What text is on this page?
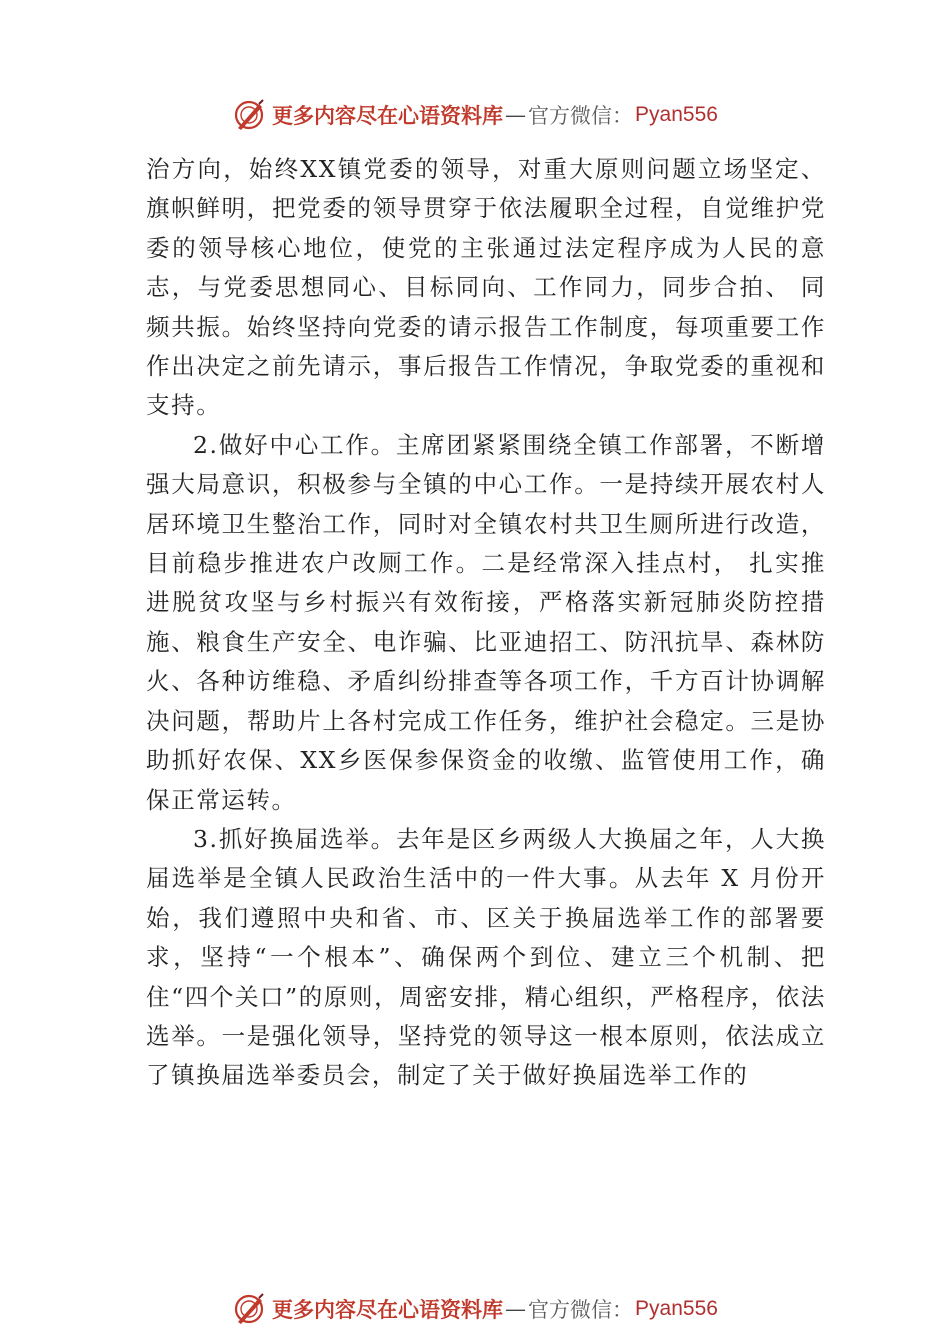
更多内容尽在心语资料库 — 官方微信： Pyan556

治方向，始终XX镇党委的领导，对重大原则问题立场坚定、旗帜鲜明，把党委的领导贯穿于依法履职全过程，自觉维护党委的领导核心地位，使党的主张通过法定程序成为人民的意志，与党委思想同心、目标同向、工作同力，同步合拍、 同频共振。始终坚持向党委的请示报告工作制度，每项重要工作作出决定之前先请示，事后报告工作情况，争取党委的重视和支持。

2.做好中心工作。主席团紧紧围绕全镇工作部署，不断增强大局意识，积极参与全镇的中心工作。一是持续开展农村人居环境卫生整治工作，同时对全镇农村共卫生厕所进行改造，目前稳步推进农户改厕工作。二是经常深入挂点村， 扎实推进脱贫攻坚与乡村振兴有效衔接，严格落实新冠肺炎防控措施、粮食生产安全、电诈骗、比亚迪招工、防汛抗旱、森林防火、各种访维稳、矛盾纠纷排查等各项工作，千方百计协调解决问题，帮助片上各村完成工作任务，维护社会稳定。三是协助抓好农保、XX乡医保参保资金的收缴、监管使用工作，确保正常运转。

3.抓好换届选举。去年是区乡两级人大换届之年，人大换届选举是全镇人民政治生活中的一件大事。从去年 X 月份开始，我们遵照中央和省、市、区关于换届选举工作的部署要求，坚持“一个根本”、确保两个到位、建立三个机制、把住“四个关口”的原则，周密安排，精心组织，严格程序，依法选举。一是强化领导，坚持党的领导这一根本原则，依法成立了镇换届选举委员会，制定了关于做好换届选举工作的

更多内容尽在心语资料库 — 官方微信： Pyan556
